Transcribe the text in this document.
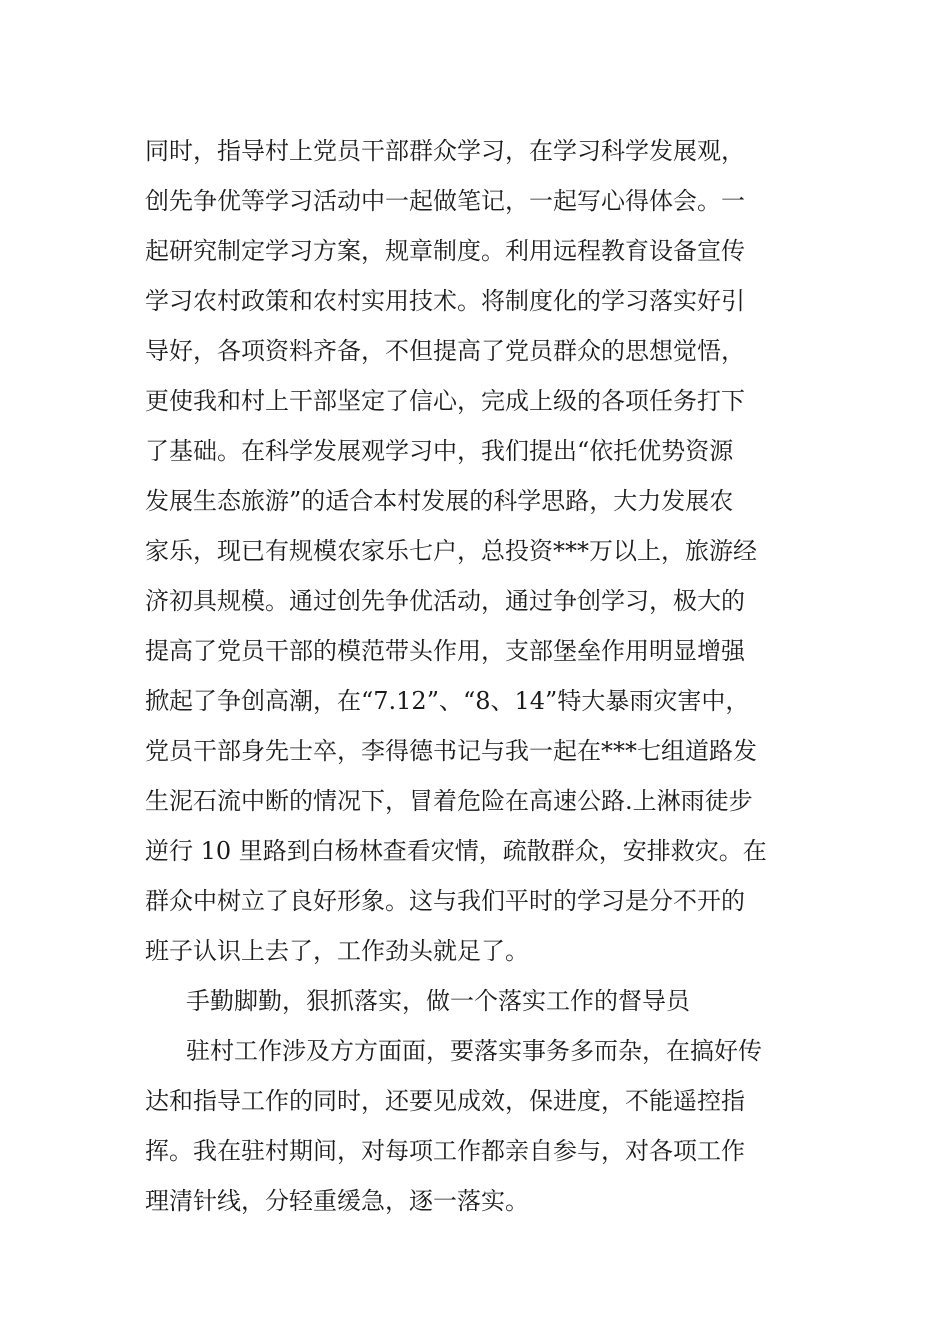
同时，指导村上党员干部群众学习，在学习科学发展观，
创先争优等学习活动中一起做笔记，一起写心得体会。一
起研究制定学习方案，规章制度。利用远程教育设备宣传
学习农村政策和农村实用技术。将制度化的学习落实好引
导好，各项资料齐备，不但提高了党员群众的思想觉悟，
更使我和村上干部坚定了信心，完成上级的各项任务打下
了基础。在科学发展观学习中，我们提出“依托优势资源
发展生态旅游”的适合本村发展的科学思路，大力发展农
家乐，现已有规模农家乐七户，总投资***万以上，旅游经
济初具规模。通过创先争优活动，通过争创学习，极大的
提高了党员干部的模范带头作用，支部堡垒作用明显增强
掀起了争创高潮，在“7.12”、“8、14”特大暴雨灾害中，
党员干部身先士卒，李得德书记与我一起在***七组道路发
生泥石流中断的情况下，冒着危险在高速公路.上淋雨徒步
逆行 10 里路到白杨林查看灾情，疏散群众，安排救灾。在
群众中树立了良好形象。这与我们平时的学习是分不开的
班子认识上去了，工作劲头就足了。
手勤脚勤，狠抓落实，做一个落实工作的督导员
驻村工作涉及方方面面，要落实事务多而杂，在搞好传
达和指导工作的同时，还要见成效，保进度，不能遥控指
挥。我在驻村期间，对每项工作都亲自参与，对各项工作
理清针线，分轻重缓急，逐一落实。
